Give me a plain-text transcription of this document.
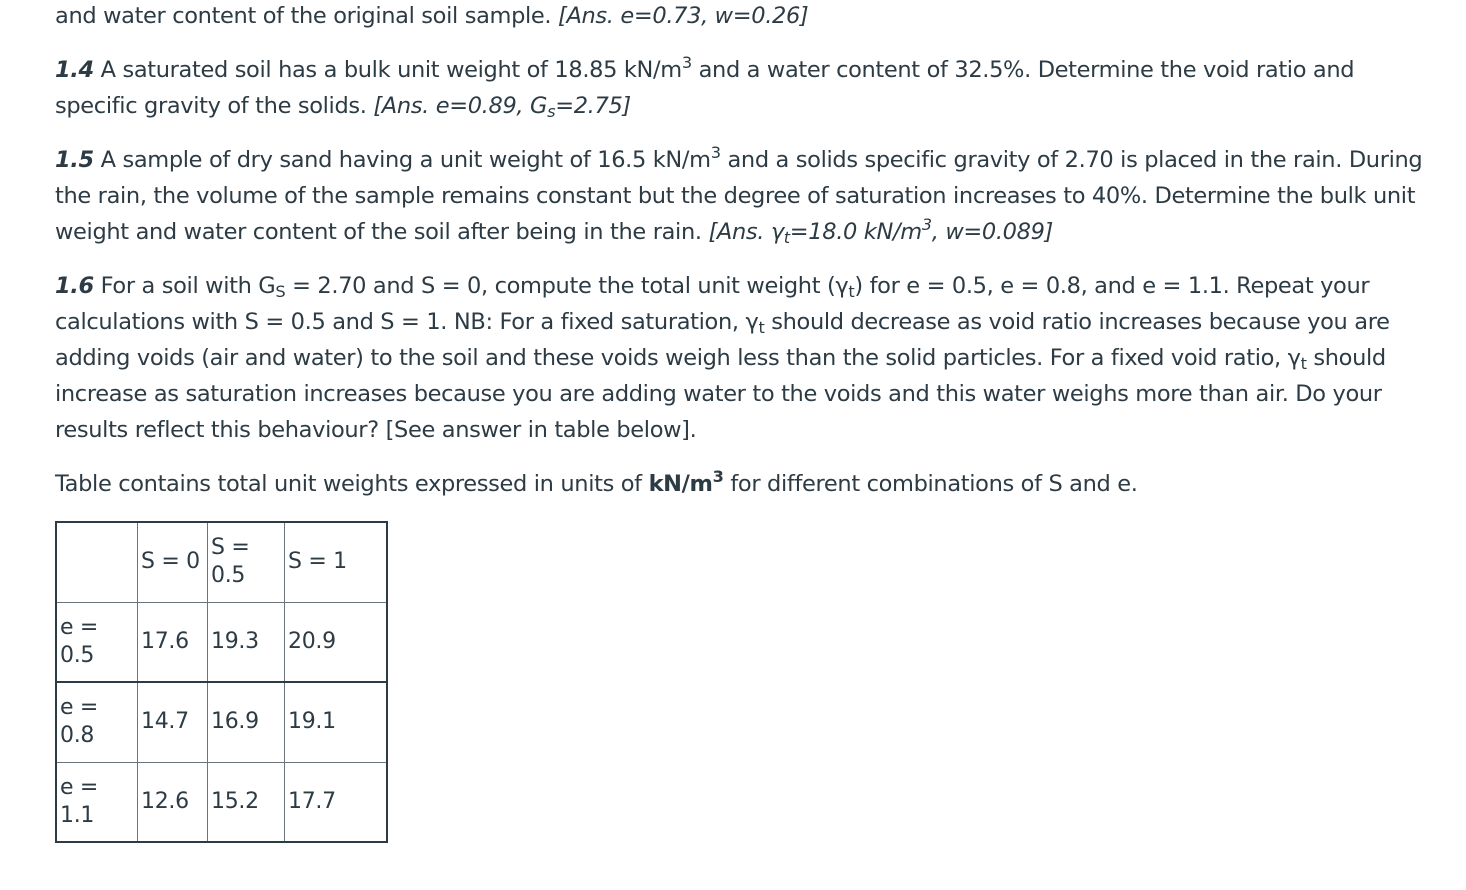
and water content of the original soil sample. [Ans. e=0.73, w=0.26]

1.4 A saturated soil has a bulk unit weight of 18.85 $kN/m^3$ and a water content of 32.5%. Determine the void ratio and specific gravity of the solids. [Ans. e=0.89, $G_s=2.75$]

1.5 A sample of dry sand having a unit weight of 16.5 $kN/m^3$ and a solids specific gravity of 2.70 is placed in the rain. During the rain, the volume of the sample remains constant but the degree of saturation increases to 40%. Determine the bulk unit weight and water content of the soil after being in the rain. [Ans. $\gamma_t=18.0$ $kN/m^3$, w=0.089]

1.6 For a soil with $G_S = 2.70$ and S = 0, compute the total unit weight $(\gamma_t)$ for e = 0.5, e = 0.8, and e = 1.1. Repeat your calculations with S = 0.5 and S = 1. NB: For a fixed saturation, $\gamma_t$ should decrease as void ratio increases because you are adding voids (air and water) to the soil and these voids weigh less than the solid particles. For a fixed void ratio, $\gamma_t$ should increase as saturation increases because you are adding water to the voids and this water weighs more than air. Do your results reflect this behaviour? [See answer in table below].

Table contains total unit weights expressed in units of $kN/m^3$ for different combinations of S and e.

	S = 0	S = 0.5	S = 1
e = 0.5	17.6	19.3	20.9
e = 0.8	14.7	16.9	19.1
e = 1.1	12.6	15.2	17.7
